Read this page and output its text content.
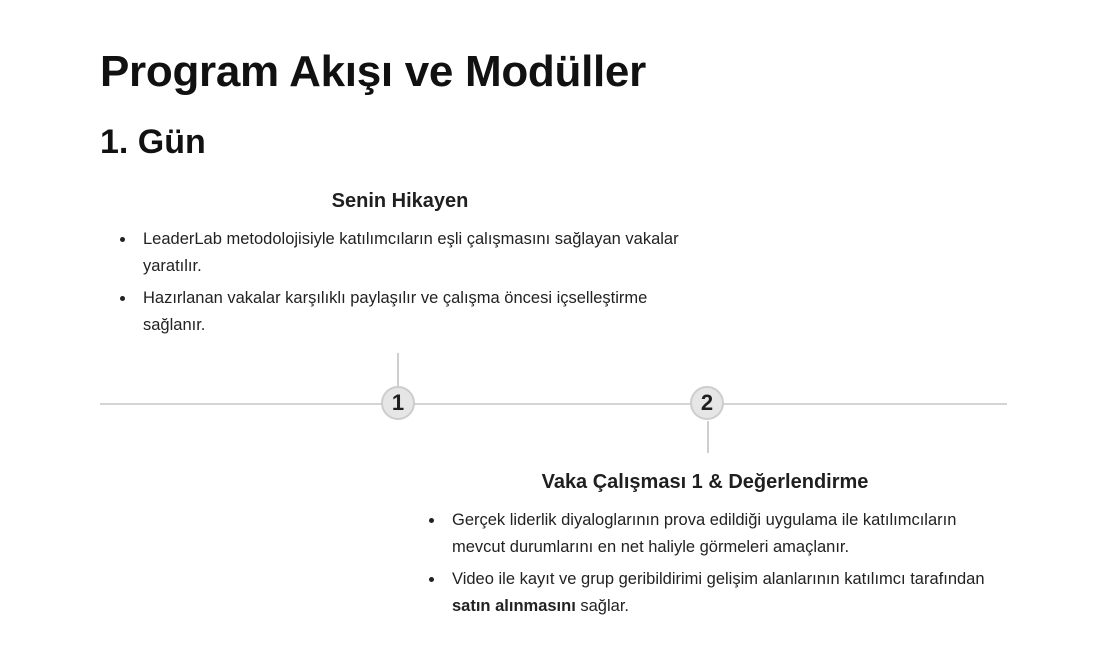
Program Akışı ve Modüller
1. Gün
Senin Hikayen
LeaderLab metodolojisiyle katılımcıların eşli çalışmasını sağlayan vakalar yaratılır.
Hazırlanan vakalar karşılıklı paylaşılır ve çalışma öncesi içselleştirme sağlanır.
1	2
Vaka Çalışması 1 & Değerlendirme
Gerçek liderlik diyaloglarının prova edildiği uygulama ile katılımcıların mevcut durumlarını en net haliyle görmeleri amaçlanır.
Video ile kayıt ve grup geribildirimi gelişim alanlarının katılımcı tarafından satın alınmasını sağlar.
